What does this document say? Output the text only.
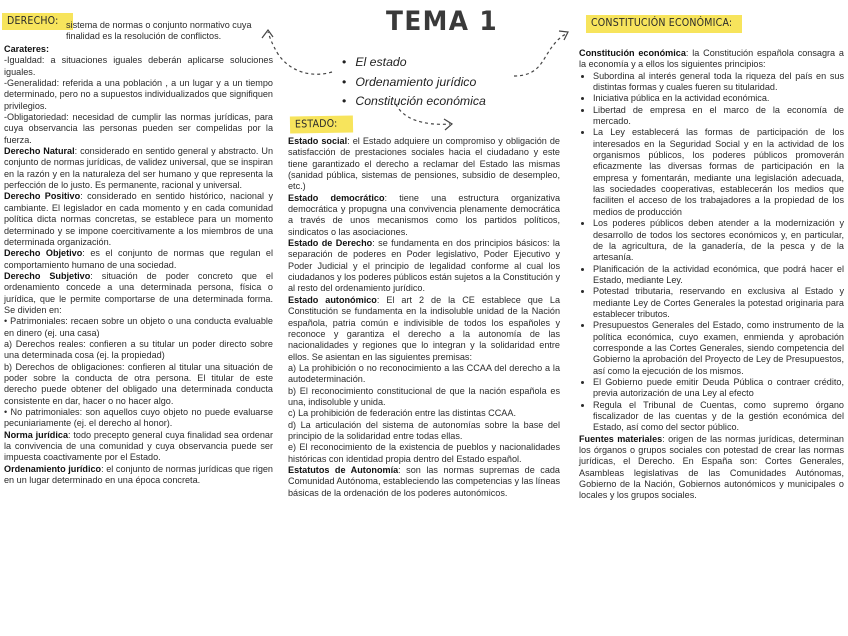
DERECHO:
ESTADO:
CONSTITUCIÓN ECONÓMICA:
sistema de normas o conjunto normativo cuya finalidad es la resolución de conflictos.	TEMA 1
• El estado
• Ordenamiento jurídico
• Constitución económica

Carateres:

-Igualdad: a situaciones iguales deberán aplicarse soluciones iguales.

-Generalidad: referida a una población , a un lugar y a un tiempo determinado, pero no a supuestos individualizados que signifiquen privilegios.

-Obligatoriedad: necesidad de cumplir las normas jurídicas, para cuya observancia las personas pueden ser compelidas por la fuerza.

Derecho Natural: considerado en sentido general y abstracto. Un conjunto de normas jurídicas, de validez universal, que se inspiran en la razón y en la naturaleza del ser humano y que representa la perfección de lo justo. Es permanente, racional y universal.

Derecho Positivo: considerado en sentido histórico, nacional y cambiante. El legislador en cada momento y en cada comunidad política dicta normas concretas, se establece para un momento determinado y se impone coercitivamente a los miembros de una determinada organización.

Derecho Objetivo: es el conjunto de normas que regulan el comportamiento humano de una sociedad.

Derecho Subjetivo: situación de poder concreto que el ordenamiento concede a una determinada persona, física o jurídica, que le permite comportarse de una determinada forma. Se dividen en:

• Patrimoniales: recaen sobre un objeto o una conducta evaluable en dinero (ej. una casa)

a) Derechos reales: confieren a su titular un poder directo sobre una determinada cosa (ej. la propiedad)

b) Derechos de obligaciones: confieren al titular una situación de poder sobre la conducta de otra persona. El titular de este derecho puede obtener del obligado una determinada conducta consistente en dar, hacer o no hacer algo.

• No patrimoniales: son aquellos cuyo objeto no puede evaluarse pecuniariamente (ej. el derecho al honor).

Norma jurídica: todo precepto general cuya finalidad sea ordenar la convivencia de una comunidad y cuya observancia puede ser impuesta coactivamente por el Estado.

Ordenamiento jurídico: el conjunto de normas jurídicas que rigen en un lugar determinado en una época concreta.

Estado social: el Estado adquiere un compromiso y obligación de satisfacción de prestaciones sociales hacia el ciudadano y este tiene garantizado el derecho a reclamar del Estado las mismas (sanidad pública, sistemas de pensiones, subsidio de desempleo, etc.)

Estado democrático: tiene una estructura organizativa democrática y propugna una convivencia plenamente democrática a través de unos mecanismos como los partidos políticos, sindicatos o las asociaciones.

Estado de Derecho: se fundamenta en dos principios básicos: la separación de poderes en Poder legislativo, Poder Ejecutivo y Poder Judicial y el principio de legalidad conforme al cual los ciudadanos y los poderes públicos están sujetos a la Constitución y al resto del ordenamiento jurídico.

Estado autonómico: El art 2 de la CE establece que La Constitución se fundamenta en la indisoluble unidad de la Nación española, patria común e indivisible de todos los españoles y reconoce y garantiza el derecho a la autonomía de las nacionalidades y regiones que lo integran y la solidaridad entre ellos. Se asientan en las siguientes premisas:

a) La prohibición o no reconocimiento a las CCAA del derecho a la autodeterminación.

b) El reconocimiento constitucional de que la nación española es una, indisoluble y unida.

c) La prohibición de federación entre las distintas CCAA.

d) La articulación del sistema de autonomías sobre la base del principio de la solidaridad entre todas ellas.

e) El reconocimiento de la existencia de pueblos y nacionalidades históricas con identidad propia dentro del Estado español.

Estatutos de Autonomía: son las normas supremas de cada Comunidad Autónoma, estableciendo las competencias y las líneas básicas de la ordenación de los poderes autonómicos.

Constitución económica: la Constitución española consagra a la economía y a ellos los siguientes principios:

• Subordina al interés general toda la riqueza del país en sus distintas formas y cuales fueren su titularidad.
• Iniciativa pública en la actividad económica.
• Libertad de empresa en el marco de la economía de mercado.
• La Ley establecerá las formas de participación de los interesados en la Seguridad Social y en la actividad de los organismos públicos, los poderes públicos promoverán eficazmente las diversas formas de participación en la empresa y fomentarán, mediante una legislación adecuada, las sociedades cooperativas, establecerán los medios que faciliten el acceso de los trabajadores a la propiedad de los medios de producción
• Los poderes públicos deben atender a la modernización y desarrollo de todos los sectores económicos y, en particular, de la agricultura, de la ganadería, de la pesca y de la artesanía.
• Planificación de la actividad económica, que podrá hacer el Estado, mediante Ley.
• Potestad tributaria, reservando en exclusiva al Estado y mediante Ley de Cortes Generales la potestad originaria para establecer tributos.
• Presupuestos Generales del Estado, como instrumento de la política económica, cuyo examen, enmienda y aprobación corresponde a las Cortes Generales, siendo competencia del Gobierno la aprobación del Proyecto de Ley de Presupuestos, así como la ejecución de los mismos.
• El Gobierno puede emitir Deuda Pública o contraer crédito, previa autorización de una Ley al efecto
• Regula el Tribunal de Cuentas, como supremo órgano fiscalizador de las cuentas y de la gestión económica del Estado, así como del sector público.

Fuentes materiales: origen de las normas jurídicas, determinan los órganos o grupos sociales con potestad de crear las normas jurídicas, el Derecho. En España son: Cortes Generales, Asambleas legislativas de las Comunidades Autónomas, Gobierno de la Nación, Gobiernos autonómicos y municipales o locales y los grupos sociales.
